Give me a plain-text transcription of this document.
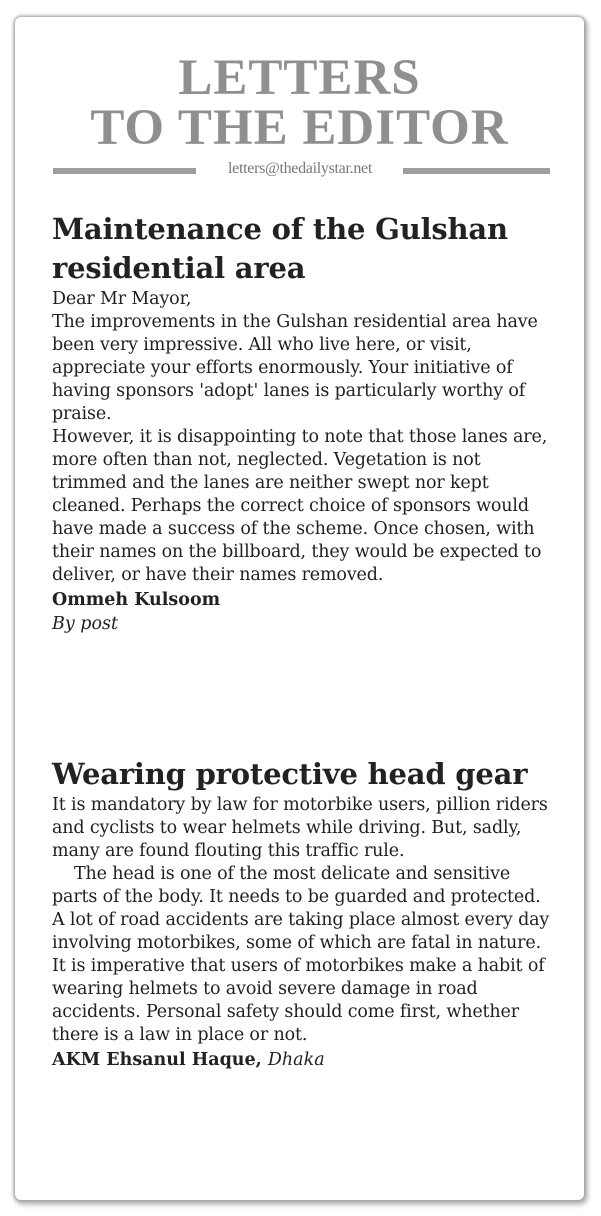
LETTERS
TO THE EDITOR
letters@thedailystar.net
Maintenance of the Gulshan
residential area

Dear Mr Mayor,

The improvements in the Gulshan residential area have been very impressive. All who live here, or visit, appreciate your efforts enormously. Your initiative of having sponsors 'adopt' lanes is particularly worthy of praise.

However, it is disappointing to note that those lanes are, more often than not, neglected. Vegetation is not trimmed and the lanes are neither swept nor kept cleaned. Perhaps the correct choice of sponsors would have made a success of the scheme. Once chosen, with their names on the billboard, they would be expected to deliver, or have their names removed.

Ommeh Kulsoom

By post

Wearing protective head gear

It is mandatory by law for motorbike users, pillion riders and cyclists to wear helmets while driving. But, sadly, many are found flouting this traffic rule.

The head is one of the most delicate and sensitive parts of the body. It needs to be guarded and protected. A lot of road accidents are taking place almost every day involving motorbikes, some of which are fatal in nature. It is imperative that users of motorbikes make a habit of wearing helmets to avoid severe damage in road accidents. Personal safety should come first, whether there is a law in place or not.

AKM Ehsanul Haque, Dhaka
